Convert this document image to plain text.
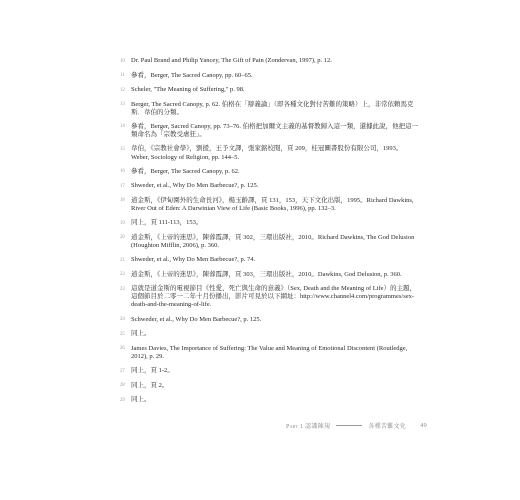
10 Dr. Paul Brand and Philip Yancey, The Gift of Pain (Zondervan, 1997), p. 12.
11 參看，Berger, The Sacred Canopy, pp. 60–65.
12 Scheler, "The Meaning of Suffering," p. 98.
13 Berger, The Sacred Canopy, p. 62. 伯格在「辯義論」（即各種文化對付苦難的策略）上，非常依賴馬克斯．韋伯的分類。
14 參看，Berger, Sacred Canopy, pp. 73–76. 伯格把加爾文主義的基督教歸入這一類，還據此說，他把這一類命名為「宗教受虐狂」。
15 韋伯，《宗教社會學》，劉援，王予文譯，張家銘校閱，頁 209，桂冠圖書股份有限公司，1993。Weber, Sociology of Religion, pp. 144–5.
16 參看，Berger, The Sacred Canopy, p. 62.
17 Shweder, et al., Why Do Men Barbecue?, p. 125.
18 道金斯，《伊甸園外的生命長河》，楊玉齡譯，頁 131，153，天下文化出版，1995。Richard Dawkins, River Out of Eden: A Darwinian View of Life (Basic Books, 1996), pp. 132–3.
19 同上，頁 111-113，153。
20 道金斯，《上帝的迷思》，陳蓉霞譯，頁 302，三環出版社，2010。Richard Dawkins, The God Delusion (Houghton Mifflin, 2006), p. 360.
21 Shweder, et al., Why Do Men Barbecue?, p. 74.
22 道金斯，《上帝的迷思》，陳蓉霞譯，頁 303，三環出版社，2010。Dawkins, God Delusion, p. 360.
23 這就是道金斯的電視節目《性愛、死亡與生命的意義》（Sex, Death and the Meaning of Life）的主題，這個節目於二零一二年十月份播出，影片可見於以下網址：http://www.channel4.com/programmes/sex-death-and-the-meaning-of-life.
24 Schweder, et al., Why Do Men Barbecue?, p. 125.
25 同上。
26 James Davies, The Importance of Suffering: The Value and Meaning of Emotional Discontent (Routledge, 2012), p. 29.
27 同上，頁 1-2。
28 同上，頁 2。
29 同上。
Part 1 認識陳規	各種苦難文化 49
